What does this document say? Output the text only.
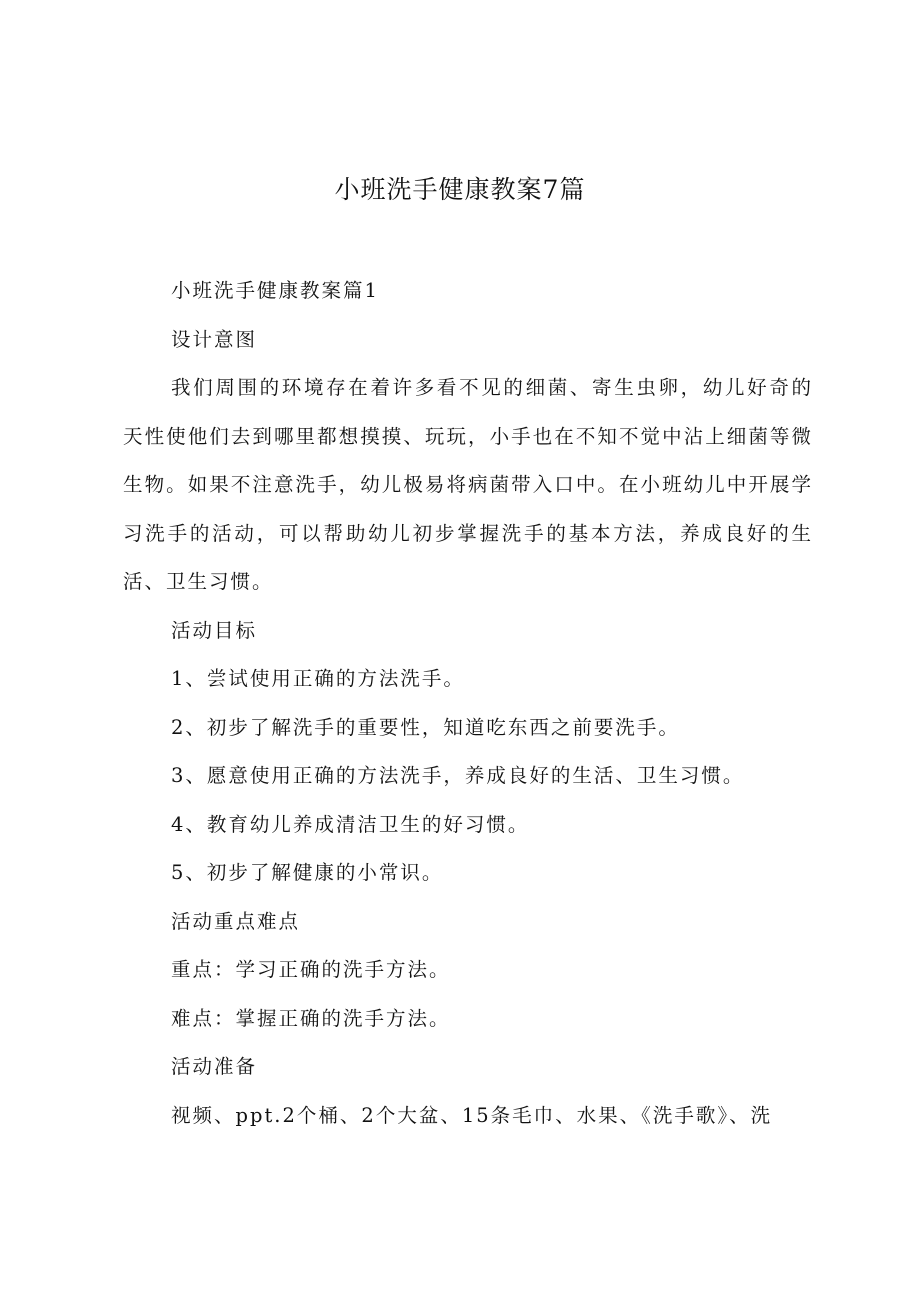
小班洗手健康教案7篇
小班洗手健康教案篇1
设计意图

我们周围的环境存在着许多看不见的细菌、寄生虫卵，幼儿好奇的天性使他们去到哪里都想摸摸、玩玩，小手也在不知不觉中沾上细菌等微生物。如果不注意洗手，幼儿极易将病菌带入口中。在小班幼儿中开展学习洗手的活动，可以帮助幼儿初步掌握洗手的基本方法，养成良好的生活、卫生习惯。

活动目标
1、尝试使用正确的方法洗手。
2、初步了解洗手的重要性，知道吃东西之前要洗手。
3、愿意使用正确的方法洗手，养成良好的生活、卫生习惯。
4、教育幼儿养成清洁卫生的好习惯。
5、初步了解健康的小常识。
活动重点难点
重点：学习正确的洗手方法。
难点：掌握正确的洗手方法。
活动准备
视频、ppt.2个桶、2个大盆、15条毛巾、水果、《洗手歌》、洗
